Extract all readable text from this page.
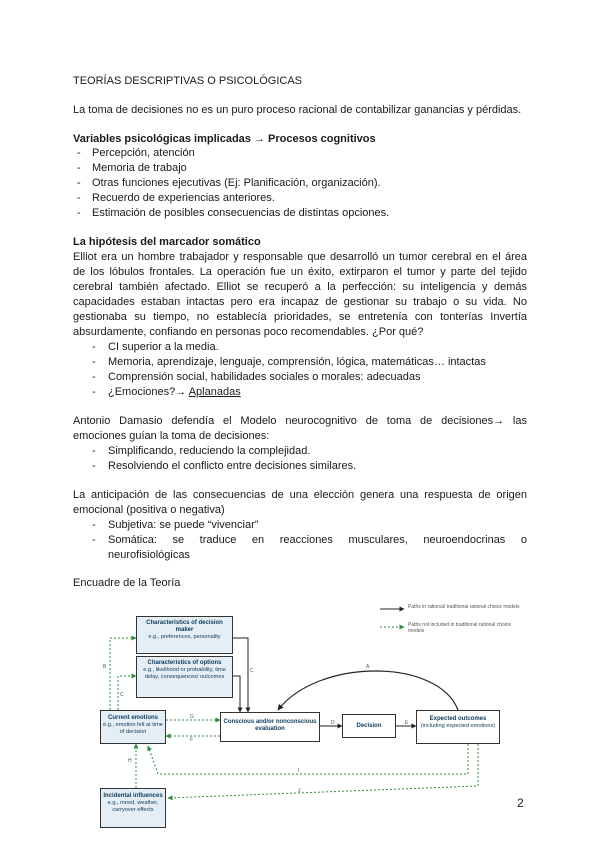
TEORÍAS DESCRIPTIVAS O PSICOLÓGICAS
La toma de decisiones no es un puro proceso racional de contabilizar ganancias y pérdidas.
Variables psicológicas implicadas → Procesos cognitivos
- Percepción, atención
- Memoria de trabajo
- Otras funciones ejecutivas (Ej: Planificación, organización).
- Recuerdo de experiencias anteriores.
- Estimación de posibles consecuencias de distintas opciones.
La hipótesis del marcador somático
Elliot era un hombre trabajador y responsable que desarrolló un tumor cerebral en el área
de los lóbulos frontales. La operación fue un éxito, extirparon el tumor y parte del tejido
cerebral también afectado. Elliot se recuperó a la perfección: su inteligencia y demás
capacidades estaban intactas pero era incapaz de gestionar su trabajo o su vida. No
gestionaba su tiempo, no establecía prioridades, se entretenía con tonterías Invertía
absurdamente, confiando en personas poco recomendables. ¿Por qué?
- CI superior a la media.
- Memoria, aprendizaje, lenguaje, comprensión, lógica, matemáticas… intactas
- Comprensión social, habilidades sociales o morales: adecuadas
- ¿Emociones?→ Aplanadas
Antonio Damasio defendía el Modelo neurocognitivo de toma de decisiones→ las
emociones guían la toma de decisiones:
- Simplificando, reduciendo la complejidad.
- Resolviendo el conflicto entre decisiones similares.
La anticipación de las consecuencias de una elección genera una respuesta de origen
emocional (positiva o negativa)
- Subjetiva: se puede “vivenciar”
- Somática: se traduce en reacciones musculares, neuroendocrinas o
neurofisiológicas
Encuadre de la Teoría
Paths in rational/ traditional rational choice models
Paths not included in traditional rational choice models
Characteristics of decision maker
e.g., preferences, personality
Characteristics of options
e.g., likelihood or probability, time delay, consequences/ outcomes
Current emotions
e.g., emotion felt at time of decision
Conscious and/or nonconscious evaluation	Decision
Expected outcomes
(including expected emotions)
Incidental influences
e.g., mood, weather, carryover effects
B
C
C
D	E
G
F
H
I
J
A
2
